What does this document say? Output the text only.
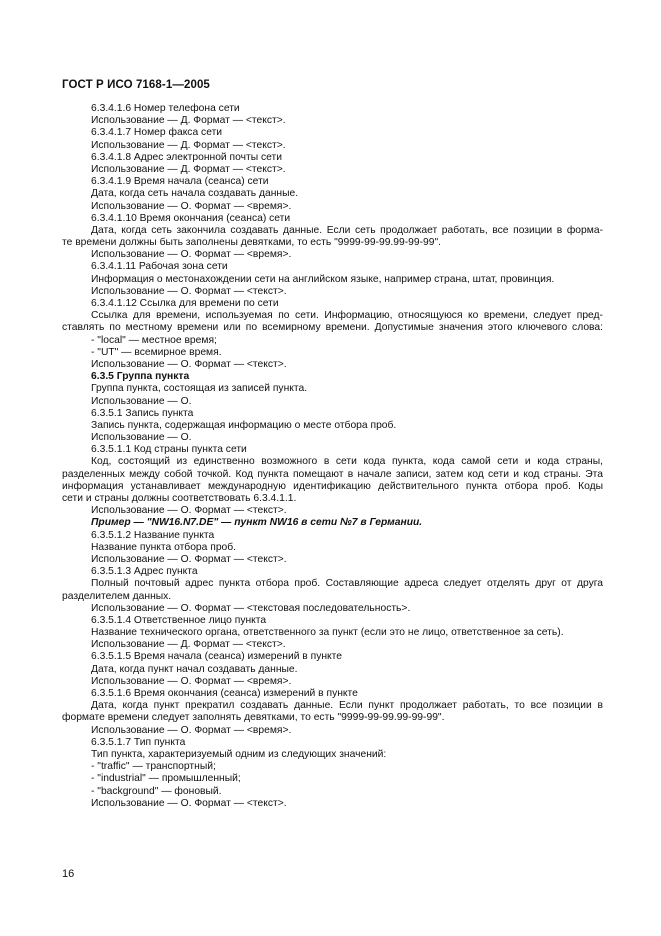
ГОСТ Р ИСО 7168-1—2005
6.3.4.1.6 Номер телефона сети
Использование — Д. Формат — <текст>.
6.3.4.1.7 Номер факса сети
Использование — Д. Формат — <текст>.
6.3.4.1.8 Адрес электронной почты сети
Использование — Д. Формат — <текст>.
6.3.4.1.9 Время начала (сеанса) сети
Дата, когда сеть начала создавать данные.
Использование — О. Формат — <время>.
6.3.4.1.10 Время окончания (сеанса) сети
Дата, когда сеть закончила создавать данные. Если сеть продолжает работать, все позиции в форма-
те времени должны быть заполнены девятками, то есть "9999-99-99.99-99-99".
Использование — О. Формат — <время>.
6.3.4.1.11 Рабочая зона сети
Информация о местонахождении сети на английском языке, например страна, штат, провинция.
Использование — О. Формат — <текст>.
6.3.4.1.12 Ссылка для времени по сети
Ссылка для времени, используемая по сети. Информацию, относящуюся ко времени, следует пред-
ставлять по местному времени или по всемирному времени. Допустимые значения этого ключевого слова:
- "local" — местное время;
- "UT" — всемирное время.
Использование — О. Формат — <текст>.
6.3.5 Группа пункта
Группа пункта, состоящая из записей пункта.
Использование — О.
6.3.5.1 Запись пункта
Запись пункта, содержащая информацию о месте отбора проб.
Использование — О.
6.3.5.1.1 Код страны пункта сети
Код, состоящий из единственно возможного в сети кода пункта, кода самой сети и кода страны,
разделенных между собой точкой. Код пункта помещают в начале записи, затем код сети и код страны. Эта
информация устанавливает международную идентификацию действительного пункта отбора проб. Коды
сети и страны должны соответствовать 6.3.4.1.1.
Использование — О. Формат — <текст>.
Пример — "NW16.N7.DE" — пункт NW16 в сети №7 в Германии.
6.3.5.1.2 Название пункта
Название пункта отбора проб.
Использование — О. Формат — <текст>.
6.3.5.1.3 Адрес пункта
Полный почтовый адрес пункта отбора проб. Составляющие адреса следует отделять друг от друга
разделителем данных.
Использование — О. Формат — <текстовая последовательность>.
6.3.5.1.4 Ответственное лицо пункта
Название технического органа, ответственного за пункт (если это не лицо, ответственное за сеть).
Использование — Д. Формат — <текст>.
6.3.5.1.5 Время начала (сеанса) измерений в пункте
Дата, когда пункт начал создавать данные.
Использование — О. Формат — <время>.
6.3.5.1.6 Время окончания (сеанса) измерений в пункте
Дата, когда пункт прекратил создавать данные. Если пункт продолжает работать, то все позиции в
формате времени следует заполнять девятками, то есть "9999-99-99.99-99-99".
Использование — О. Формат — <время>.
6.3.5.1.7 Тип пункта
Тип пункта, характеризуемый одним из следующих значений:
- "traffic" — транспортный;
- "industrial" — промышленный;
- "background" — фоновый.
Использование — О. Формат — <текст>.
16
